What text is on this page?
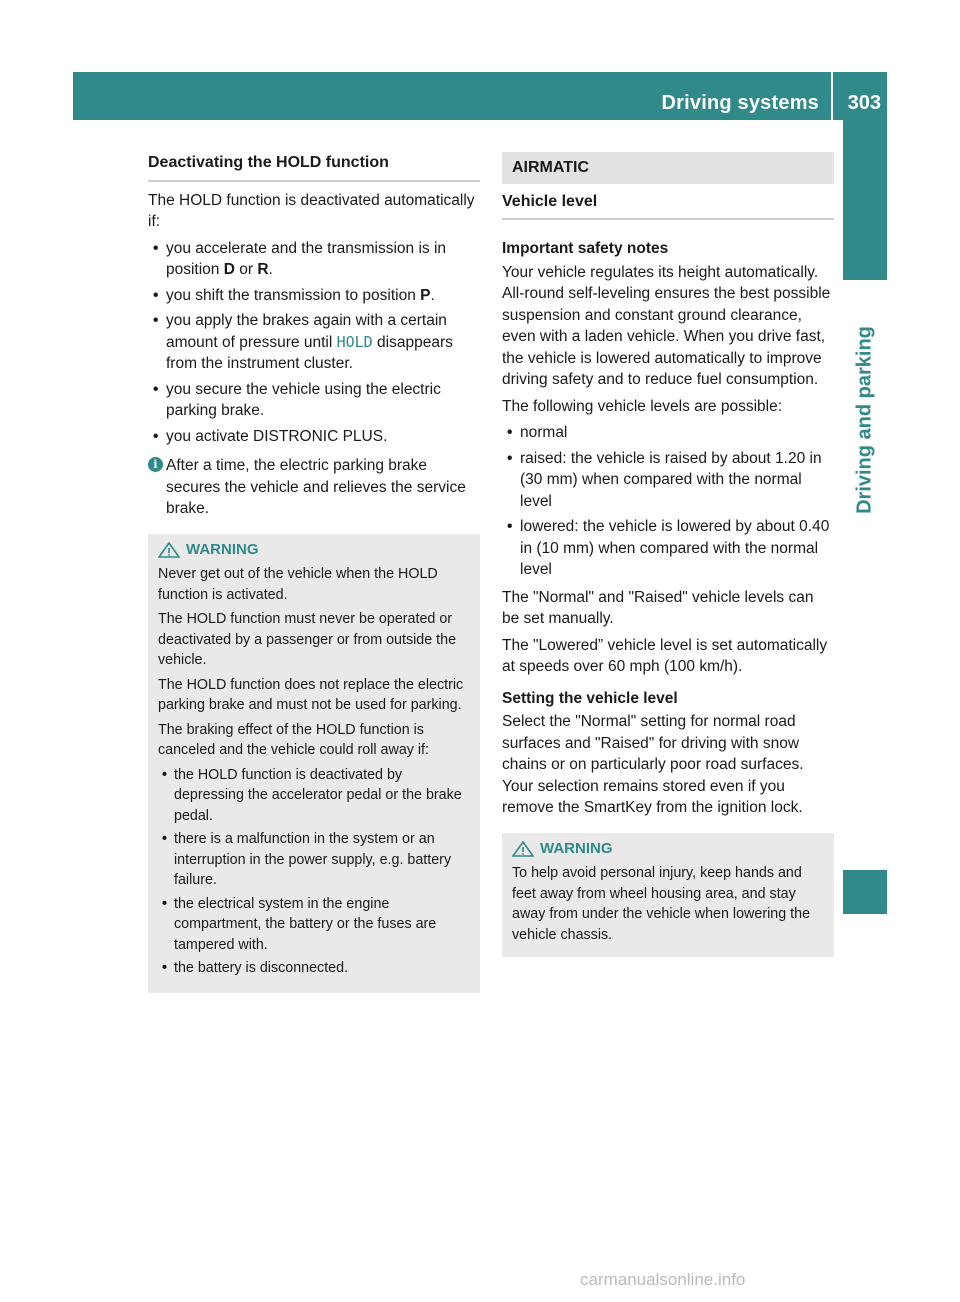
Driving systems 303
Driving and parking
Deactivating the HOLD function

The HOLD function is deactivated automatically if:

• you accelerate and the transmission is in position D or R.
• you shift the transmission to position P.
• you apply the brakes again with a certain amount of pressure until HOLD disappears from the instrument cluster.
• you secure the vehicle using the electric parking brake.
• you activate DISTRONIC PLUS.
i After a time, the electric parking brake secures the vehicle and relieves the service brake.
WARNING

Never get out of the vehicle when the HOLD function is activated.

The HOLD function must never be operated or deactivated by a passenger or from outside the vehicle.

The HOLD function does not replace the electric parking brake and must not be used for parking.

The braking effect of the HOLD function is canceled and the vehicle could roll away if:

• the HOLD function is deactivated by depressing the accelerator pedal or the brake pedal.
• there is a malfunction in the system or an interruption in the power supply, e.g. battery failure.
• the electrical system in the engine compartment, the battery or the fuses are tampered with.
• the battery is disconnected.
AIRMATIC
Vehicle level
Important safety notes

Your vehicle regulates its height automatically. All-round self-leveling ensures the best possible suspension and constant ground clearance, even with a laden vehicle. When you drive fast, the vehicle is lowered automatically to improve driving safety and to reduce fuel consumption.

The following vehicle levels are possible:

• normal
• raised: the vehicle is raised by about 1.20 in (30 mm) when compared with the normal level
• lowered: the vehicle is lowered by about 0.40 in (10 mm) when compared with the normal level

The "Normal" and "Raised" vehicle levels can be set manually.

The "Lowered” vehicle level is set automatically at speeds over 60 mph (100 km/h).

Setting the vehicle level

Select the "Normal" setting for normal road surfaces and "Raised" for driving with snow chains or on particularly poor road surfaces. Your selection remains stored even if you remove the SmartKey from the ignition lock.

WARNING

To help avoid personal injury, keep hands and feet away from wheel housing area, and stay away from under the vehicle when lowering the vehicle chassis.

carmanualsonline.info
